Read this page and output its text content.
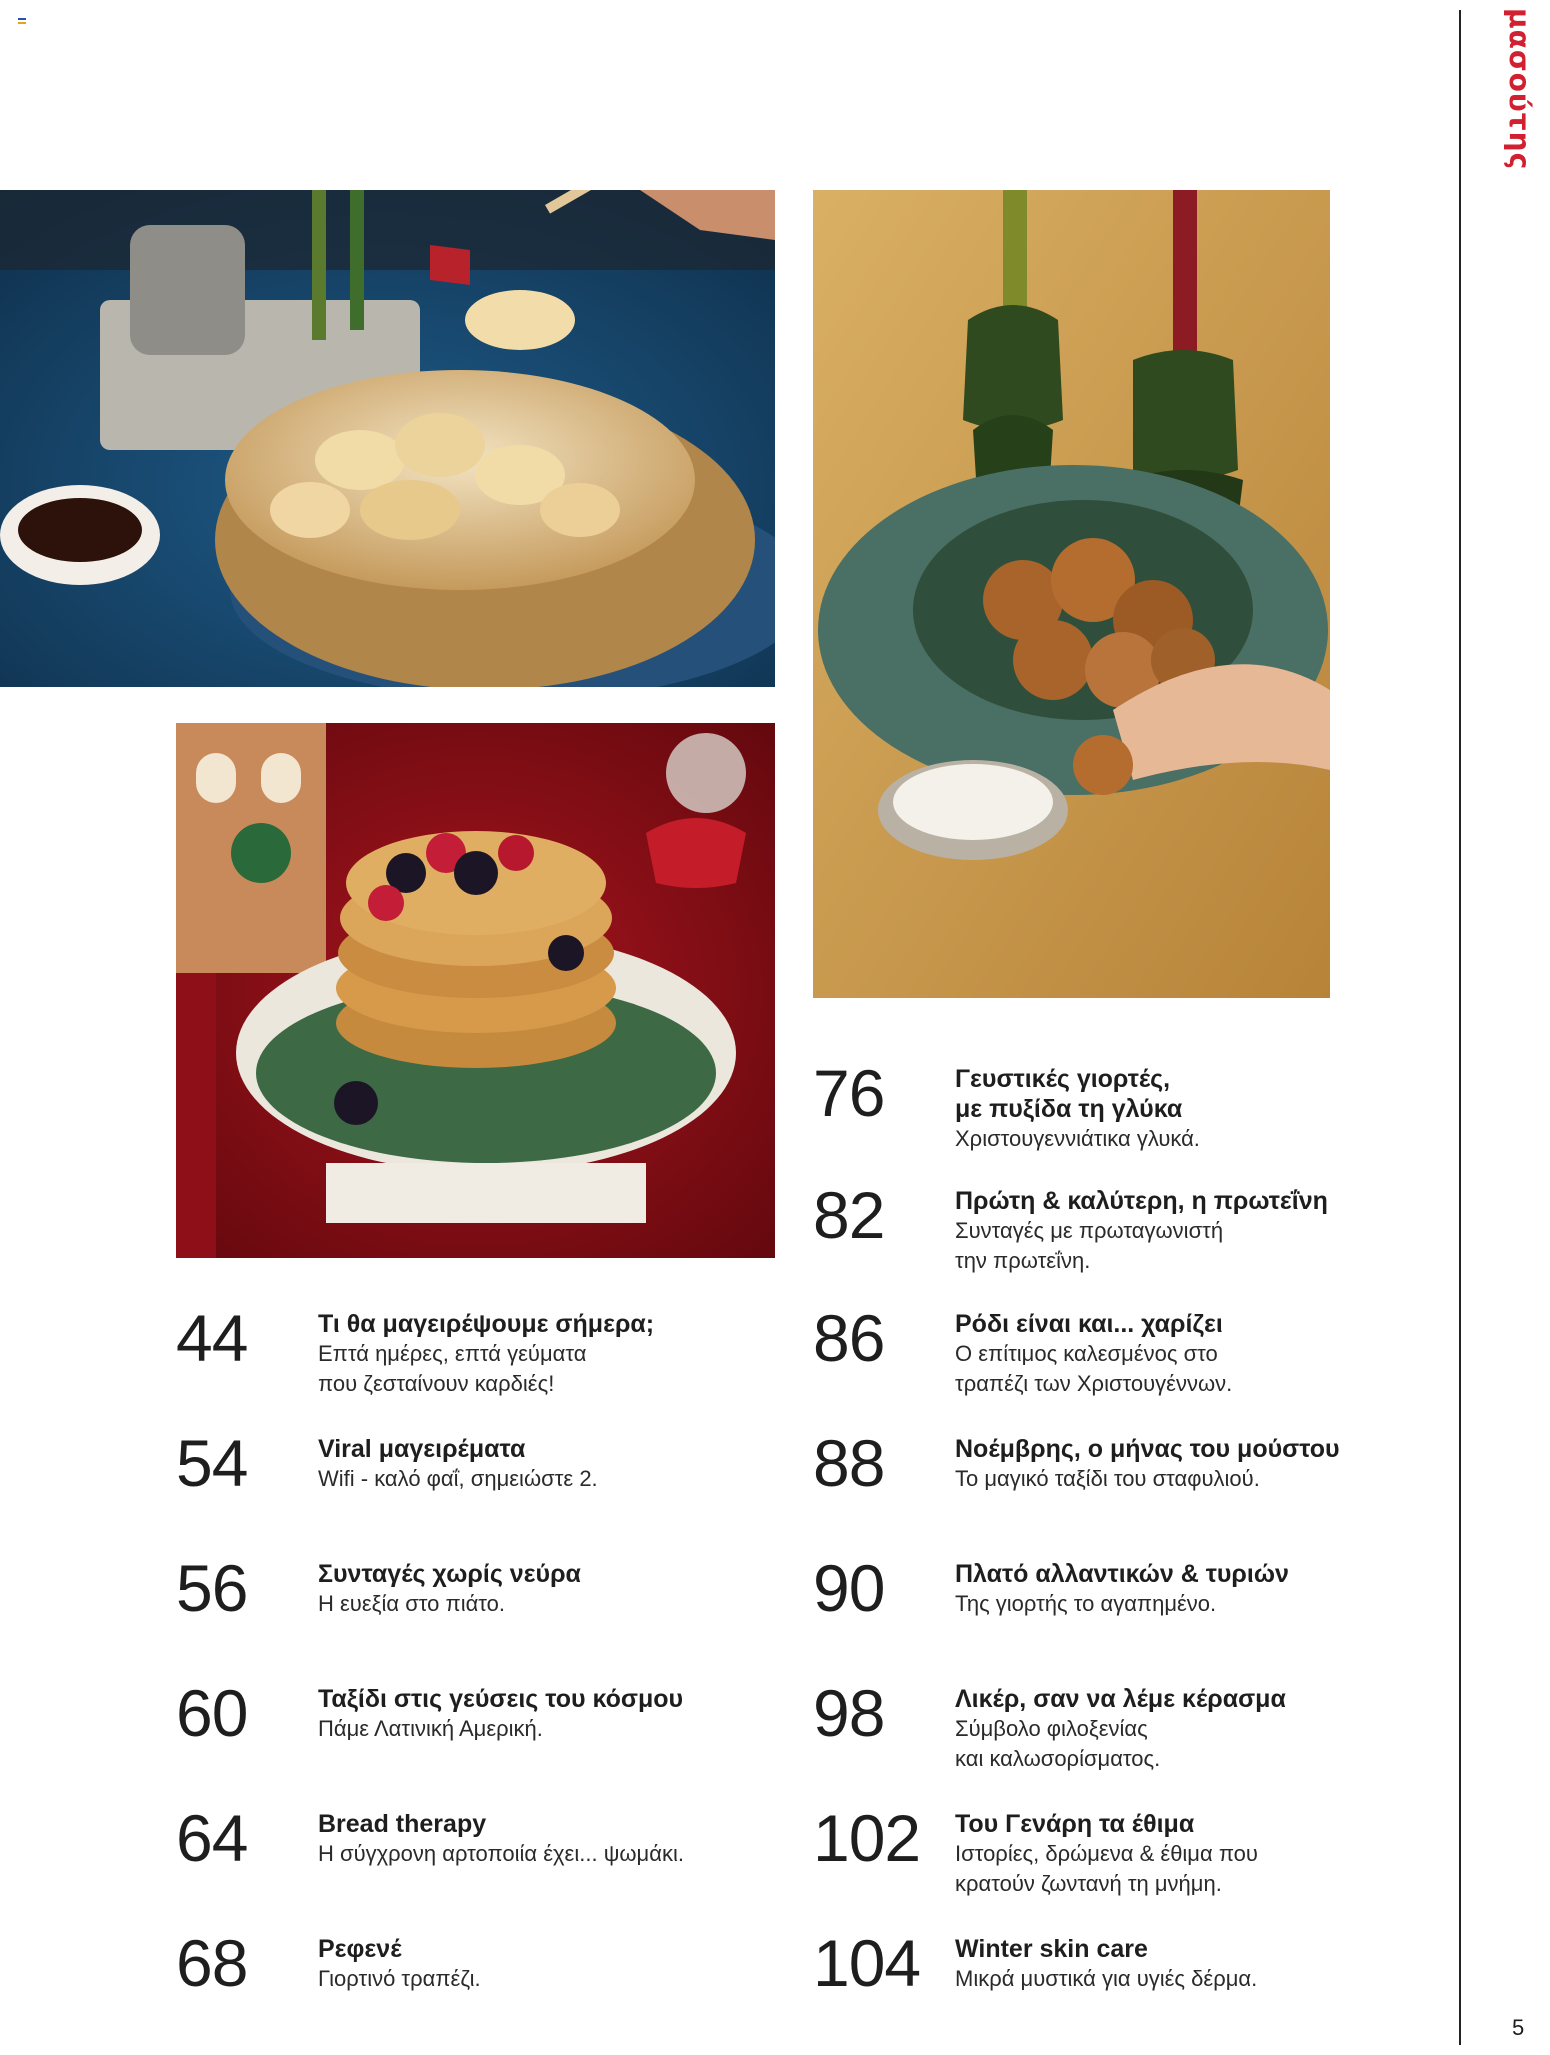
μασούτης
5
44	Τι θα μαγειρέψουμε σήμερα;
Επτά ημέρες, επτά γεύματα
που ζεσταίνουν καρδιές!
54	Viral μαγειρέματα
Wifi - καλό φαΐ, σημειώστε 2.
56	Συνταγές χωρίς νεύρα
Η ευεξία στο πιάτο.
60	Ταξίδι στις γεύσεις του κόσμου
Πάμε Λατινική Αμερική.
64	Bread therapy
Η σύγχρονη αρτοποιία έχει... ψωμάκι.
68	Ρεφενέ
Γιορτινό τραπέζι.
76	Γευστικές γιορτές,
με πυξίδα τη γλύκα
Χριστουγεννιάτικα γλυκά.
82	Πρώτη & καλύτερη, η πρωτεΐνη
Συνταγές με πρωταγωνιστή
την πρωτεΐνη.
86	Ρόδι είναι και... χαρίζει
Ο επίτιμος καλεσμένος στο
τραπέζι των Χριστουγέννων.
88	Νοέμβρης, ο μήνας του μούστου
Το μαγικό ταξίδι του σταφυλιού.
90	Πλατό αλλαντικών & τυριών
Της γιορτής το αγαπημένο.
98	Λικέρ, σαν να λέμε κέρασμα
Σύμβολο φιλοξενίας
και καλωσορίσματος.
102 Του Γενάρη τα έθιμα
Ιστορίες, δρώμενα & έθιμα που
κρατούν ζωντανή τη μνήμη.
104 Winter skin care
Μικρά μυστικά για υγιές δέρμα.
